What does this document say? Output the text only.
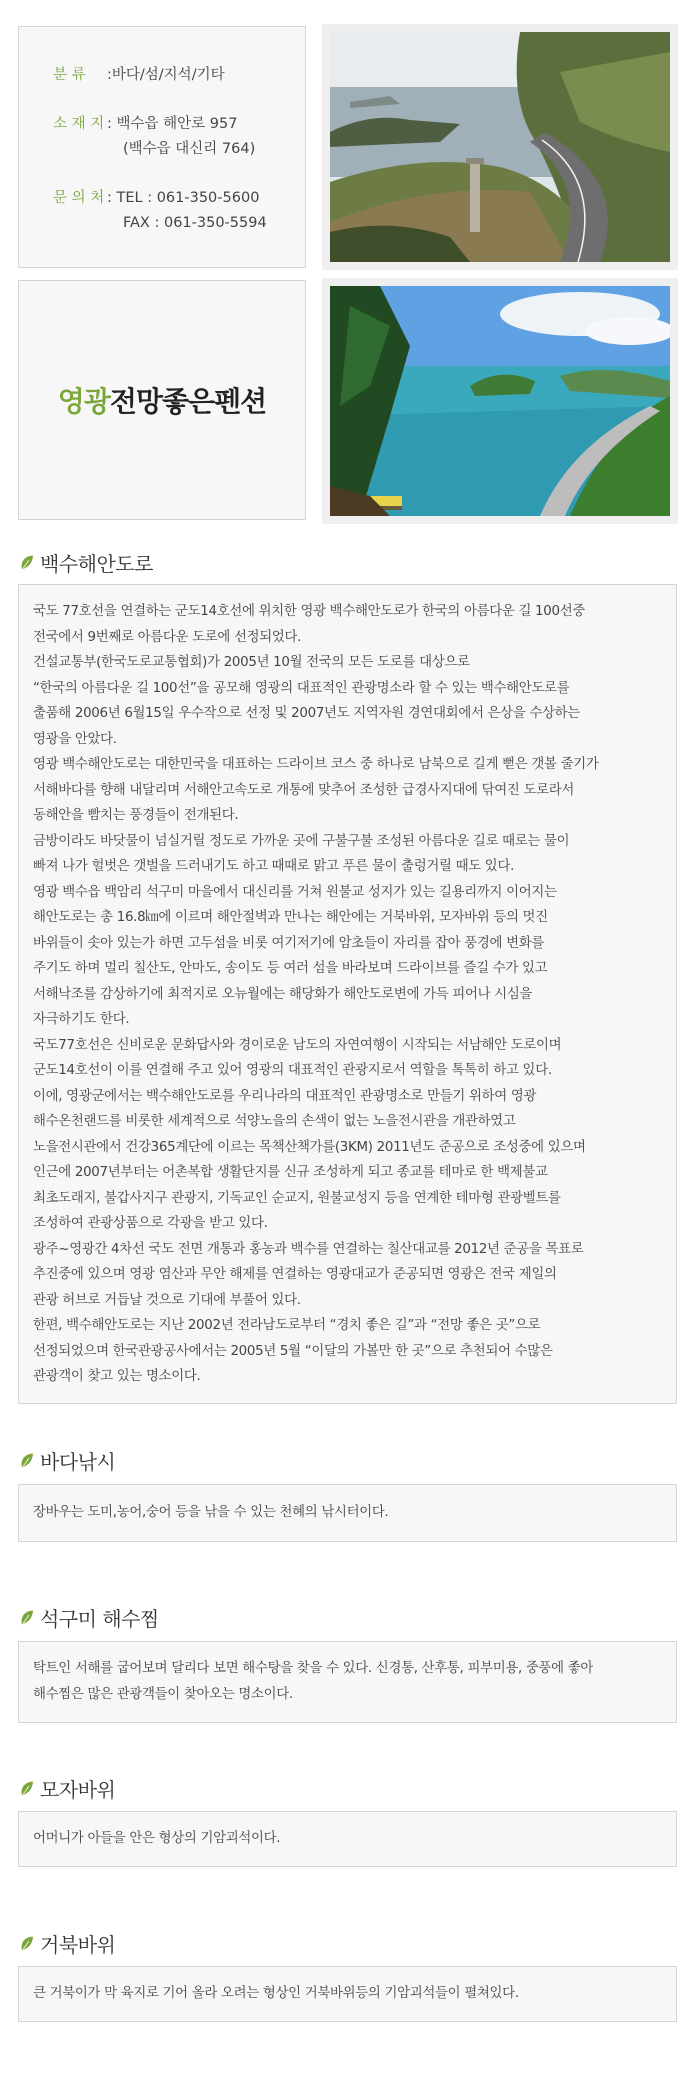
분 류	:바다/섬/지석/기타
소 재 지 : 백수읍 해안로 957
(백수읍 대신리 764)
문 의 처 : TEL : 061-350-5600
FAX : 061-350-5594
영광 전망좋은펜션
백수해안도로

국도 77호선을 연결하는 군도14호선에 위치한 영광 백수해안도로가 한국의 아름다운 길 100선중

전국에서 9번째로 아름다운 도로에 선정되었다.

건설교통부(한국도로교통협회)가 2005년 10월 전국의 모든 도로를 대상으로

“한국의 아름다운 길 100선”을 공모해 영광의 대표적인 관광명소라 할 수 있는 백수해안도로를

출품해 2006년 6월15일 우수작으로 선정 및 2007년도 지역자원 경연대회에서 은상을 수상하는

영광을 안았다.

영광 백수해안도로는 대한민국을 대표하는 드라이브 코스 중 하나로 남북으로 길게 뻗은 갯볼 줄기가

서해바다를 향해 내달리며 서해안고속도로 개통에 맞추어 조성한 급경사지대에 닦여진 도로라서

동해안을 빰치는 풍경들이 전개된다.

금방이라도 바닷물이 넘실거릴 정도로 가까운 곳에 구불구불 조성된 아름다운 길로 때로는 물이

빠져 나가 헐벗은 갯벌을 드러내기도 하고 때때로 맑고 푸른 물이 출렁거릴 때도 있다.

영광 백수읍 백암리 석구미 마을에서 대신리를 거쳐 원불교 성지가 있는 길용리까지 이어지는

해안도로는 총 16.8㎞에 이르며 해안절벽과 만나는 해안에는 거북바위, 모자바위 등의 멋진

바위들이 솟아 있는가 하면 고두섬을 비롯 여기저기에 암초들이 자리를 잡아 풍경에 변화를

주기도 하며 멀리 칠산도, 안마도, 송이도 등 여러 섬을 바라보며 드라이브를 즐길 수가 있고

서해낙조를 감상하기에 최적지로 오뉴월에는 해당화가 해안도로변에 가득 피어나 시심을

자극하기도 한다.

국도77호선은 신비로운 문화답사와 경이로운 남도의 자연여행이 시작되는 서남해안 도로이며

군도14호선이 이를 연결해 주고 있어 영광의 대표적인 관광지로서 역할을 톡톡히 하고 있다.

이에, 영광군에서는 백수해안도로를 우리나라의 대표적인 관광명소로 만들기 위하여 영광

해수온천랜드를 비롯한 세계적으로 석양노을의 손색이 없는 노을전시관을 개관하였고

노을전시관에서 건강365계단에 이르는 목책산책가를(3KM) 2011년도 준공으로 조성중에 있으며

인근에 2007년부터는 어촌복합 생활단지를 신규 조성하게 되고 종교를 테마로 한 백제불교

최초도래지, 불갑사지구 관광지, 기독교인 순교지, 원불교성지 등을 연계한 테마형 관광벨트를

조성하여 관광상품으로 각광을 받고 있다.

광주~영광간 4차선 국도 전면 개통과 홍농과 백수를 연결하는 칠산대교를 2012년 준공을 목표로

추진중에 있으며 영광 염산과 무안 해제를 연결하는 영광대교가 준공되면 영광은 전국 제일의

관광 허브로 거듭날 것으로 기대에 부풀어 있다.

한편, 백수해안도로는 지난 2002년 전라남도로부터 “경치 좋은 길”과 “전망 좋은 곳”으로

선정되었으며 한국관광공사에서는 2005년 5월 “이달의 가볼만 한 곳”으로 추천되어 수많은

관광객이 찾고 있는 명소이다.

바다낚시

장바우는 도미,농어,숭어 등을 낚을 수 있는 천혜의 낚시터이다.

석구미 해수찜

탁트인 서해를 굽어보며 달리다 보면 해수탕을 찾을 수 있다. 신경통, 산후통, 피부미용, 중풍에 좋아

해수찜은 많은 관광객들이 찾아오는 명소이다.

모자바위

어머니가 아들을 안은 형상의 기암괴석이다.

거북바위

큰 거북이가 막 육지로 기어 올라 오려는 형상인 거북바위등의 기암괴석들이 펼쳐있다.
